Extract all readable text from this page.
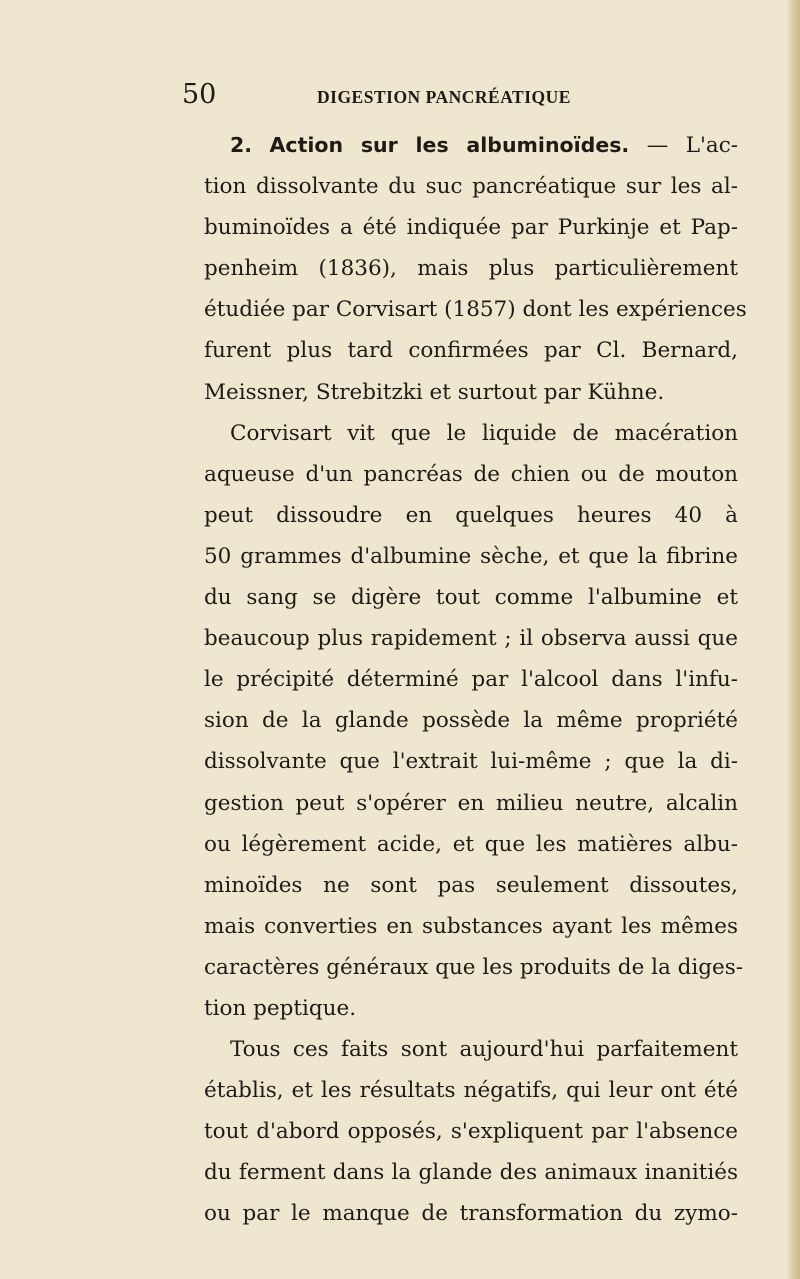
50	DIGESTION PANCRÉATIQUE
2. Action sur les albuminoïdes. — L'ac-
tion dissolvante du suc pancréatique sur les al-
buminoïdes a été indiquée par Purkinje et Pap-
penheim (1836), mais plus particulièrement
étudiée par Corvisart (1857) dont les expériences
furent plus tard confirmées par Cl. Bernard,
Meissner, Strebitzki et surtout par Kühne.
Corvisart vit que le liquide de macération
aqueuse d'un pancréas de chien ou de mouton
peut dissoudre en quelques heures 40 à
50 grammes d'albumine sèche, et que la fibrine
du sang se digère tout comme l'albumine et
beaucoup plus rapidement ; il observa aussi que
le précipité déterminé par l'alcool dans l'infu-
sion de la glande possède la même propriété
dissolvante que l'extrait lui-même ; que la di-
gestion peut s'opérer en milieu neutre, alcalin
ou légèrement acide, et que les matières albu-
minoïdes ne sont pas seulement dissoutes,
mais converties en substances ayant les mêmes
caractères généraux que les produits de la diges-
tion peptique.
Tous ces faits sont aujourd'hui parfaitement
établis, et les résultats négatifs, qui leur ont été
tout d'abord opposés, s'expliquent par l'absence
du ferment dans la glande des animaux inanitiés
ou par le manque de transformation du zymo-
